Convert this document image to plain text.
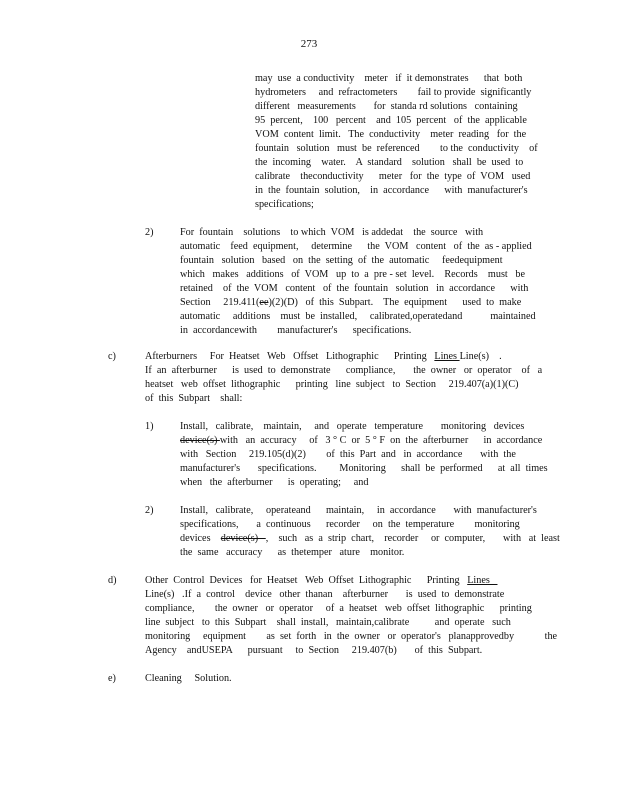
273
may  use  a conductivity    meter   if  it demonstrates      that  both
hydrometers     and  refractometers        fail to provide  significantly
different   measurements       for  standa rd solutions   containing
95  percent,    100   percent    and  105  percent   of  the  applicable
VOM  content  limit.   The  conductivity    meter  reading   for  the
fountain   solution   must  be  referenced        to the  conductivity    of
the  incoming    water.    A  standard    solution   shall  be  used  to
calibrate    theconductivity      meter   for  the  type  of  VOM   used
in  the  fountain  solution,    in  accordance      with  manufacturer's
specifications;
2)	For  fountain    solutions    to which  VOM   is addedat    the  source   with
automatic    feed  equipment,     determine      the  VOM   content   of  the  as - applied
fountain   solution   based   on  the  setting  of  the  automatic     feedequipment
which   makes   additions   of  VOM   up  to  a  pre - set  level.    Records    must   be
retained    of  the  VOM   content   of  the  fountain   solution   in  accordance      with
Section     219.411(ee)(2)(D)   of  this  Subpart.    The  equipment      used  to  make
automatic     additions    must  be  installed,     calibrated,operatedand           maintained
in  accordancewith        manufacturer's      specifications.
c)	Afterburners     For  Heatset   Web   Offset   Lithographic      Printing   Lines Line(s)    .
If  an  afterburner      is  used  to  demonstrate      compliance,       the  owner   or  operator    of   a
heatset   web  offset  lithographic      printing   line  subject   to  Section     219.407(a)(1)(C)
of  this  Subpart    shall:
1)	Install,   calibrate,    maintain,     and   operate   temperature       monitoring   devices
device(s) with   an  accuracy     of   3 ° C  or  5 ° F  on  the  afterburner      in  accordance
with   Section     219.105(d)(2)        of  this  Part  and   in  accordance       with  the
manufacturer's       specifications.         Monitoring      shall  be  performed      at  all  times
when   the  afterburner      is  operating;     and
2)	Install,   calibrate,     operateand      maintain,     in  accordance       with  manufacturer's
specifications,       a  continuous      recorder     on  the  temperature        monitoring
devices    device(s)   ,    such   as  a  strip  chart,    recorder     or  computer,       with   at  least
the  same   accuracy      as  thetemper   ature    monitor.
d)	Other  Control  Devices   for  Heatset   Web  Offset  Lithographic      Printing   Lines
Line(s)   .If  a  control    device   other  thanan    afterburner       is  used  to  demonstrate
compliance,        the  owner   or  operator     of  a  heatset   web  offset  lithographic      printing
line  subject   to  this  Subpart    shall  install,   maintain,calibrate          and  operate   such
monitoring     equipment        as  set  forth   in  the  owner   or  operator's   planapprovedby            the
Agency    andUSEPA      pursuant     to  Section     219.407(b)       of  this  Subpart.
e)	Cleaning     Solution.
